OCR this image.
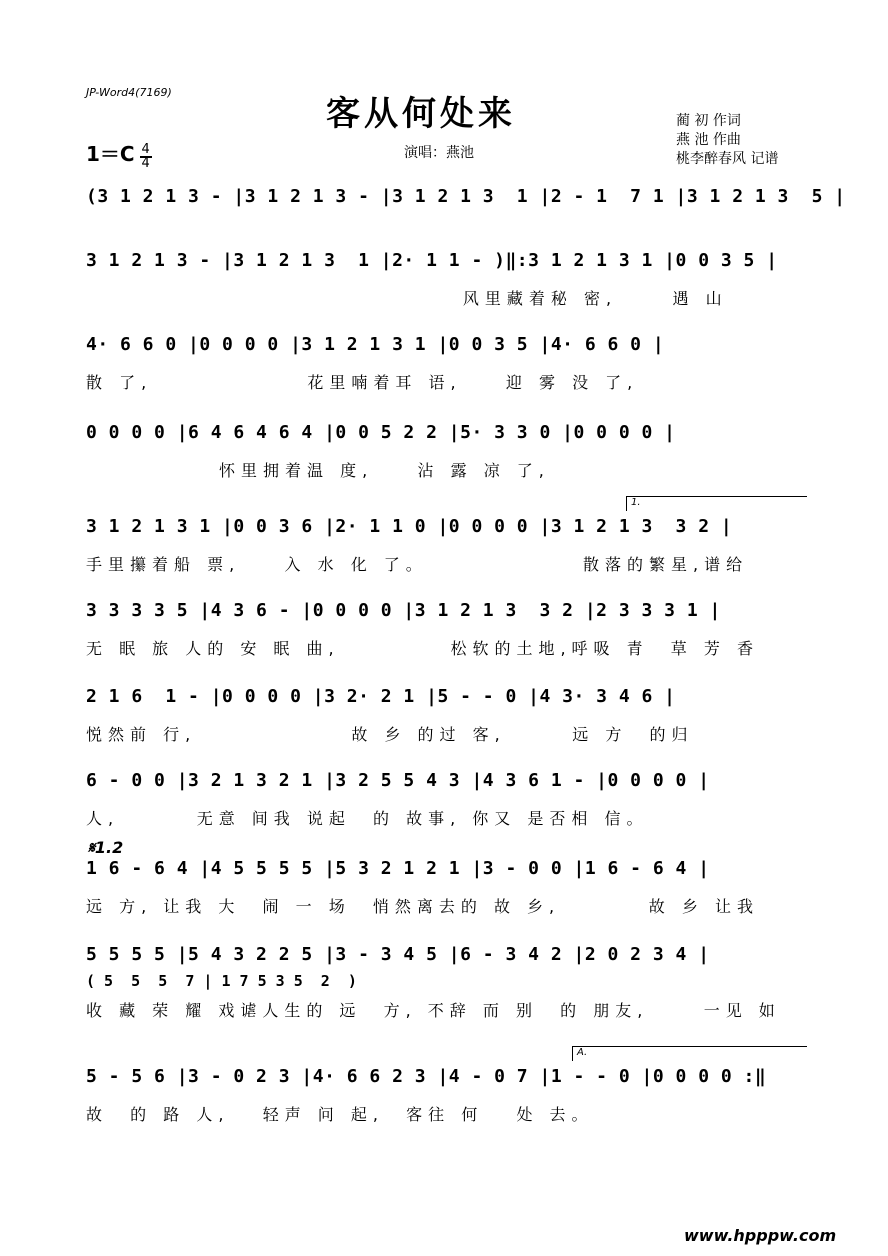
JP-Word4(7169)
客从何处来
$1=C \frac{4}{4}$	演唱：燕池
蔺 初 作词
燕 池 作曲
桃李醉春风 记谱
(3 1 2 1 3 - |3 1 2 1 3 - |3 1 2 1 3  1 |2 - 1  7 1 |3 1 2 1 3  5 |
3 1 2 1 3 - |3 1 2 1 3  1 |2· 1 1 - )‖:3 1 2 1 3 1 |0 0 3 5 |
风里藏着秘 密,     遇 山
4· 6 6 0 |0 0 0 0 |3 1 2 1 3 1 |0 0 3 5 |4· 6 6 0 |
散 了,              花里喃着耳 语,    迎 雾 没 了,
0 0 0 0 |6 4 6 4 6 4 |0 0 5 2 2 |5· 3 3 0 |0 0 0 0 |
怀里拥着温 度,    沾 露 凉 了,
1.
3 1 2 1 3 1 |0 0 3 6 |2· 1 1 0 |0 0 0 0 |3 1 2 1 3  3 2 |
手里攥着船 票,    入 水 化 了。              散落的繁星,谱给
3 3 3 3 5 |4 3 6 - |0 0 0 0 |3 1 2 1 3  3 2 |2 3 3 3 1 |
无 眠 旅 人的 安 眠 曲,          松软的土地,呼吸 青  草 芳 香
2 1 6  1 - |0 0 0 0 |3 2· 2 1 |5 - - 0 |4 3· 3 4 6 |
悦然前 行,              故 乡 的过 客,      远 方  的归
6 - 0 0 |3 2 1 3 2 1 |3 2 5 5 4 3 |4 3 6 1 - |0 0 0 0 |
人,       无意 间我 说起  的 故事, 你又 是否相 信。
𝄋1.2
1 6 - 6 4 |4 5 5 5 5 |5 3 2 1 2 1 |3 - 0 0 |1 6 - 6 4 |
远 方, 让我 大  闹 一 场  悄然离去的 故 乡,        故 乡 让我
5 5 5 5 |5 4 3 2 2 5 |3 - 3 4 5 |6 - 3 4 2 |2 0 2 3 4 |
( 5  5  5  7 | 1 7 5 3 5  2  )
收 藏 荣 耀 戏谑人生的 远  方, 不辞 而 别  的 朋友,     一见 如
A.
5 - 5 6 |3 - 0 2 3 |4· 6 6 2 3 |4 - 0 7 |1 - - 0 |0 0 0 0 :‖
故  的 路 人,   轻声 问 起,  客往 何   处 去。
www.hpppw.com
